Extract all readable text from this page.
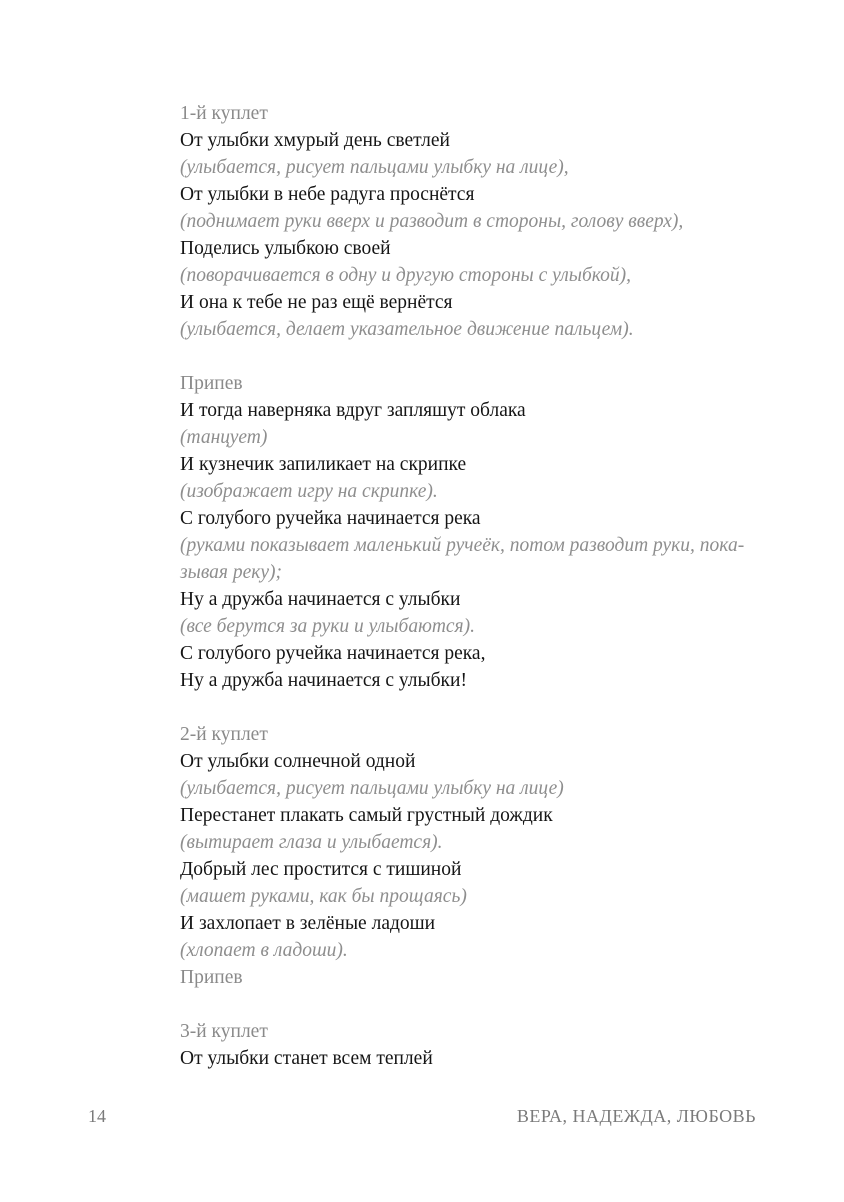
1-й куплет
От улыбки хмурый день светлей
(улыбается, рисует пальцами улыбку на лице),
От улыбки в небе радуга проснётся
(поднимает руки вверх и разводит в стороны, голову вверх),
Поделись улыбкою своей
(поворачивается в одну и другую стороны с улыбкой),
И она к тебе не раз ещё вернётся
(улыбается, делает указательное движение пальцем).
Припев
И тогда наверняка вдруг запляшут облака
(танцует)
И кузнечик запиликает на скрипке
(изображает игру на скрипке).
С голубого ручейка начинается река
(руками показывает маленький ручеёк, потом разводит руки, пока-
зывая реку);
Ну а дружба начинается с улыбки
(все берутся за руки и улыбаются).
С голубого ручейка начинается река,
Ну а дружба начинается с улыбки!
2-й куплет
От улыбки солнечной одной
(улыбается, рисует пальцами улыбку на лице)
Перестанет плакать самый грустный дождик
(вытирает глаза и улыбается).
Добрый лес простится с тишиной
(машет руками, как бы прощаясь)
И захлопает в зелёные ладоши
(хлопает в ладоши).
Припев
3-й куплет
От улыбки станет всем теплей
14	ВЕРА, НАДЕЖДА, ЛЮБОВЬ
